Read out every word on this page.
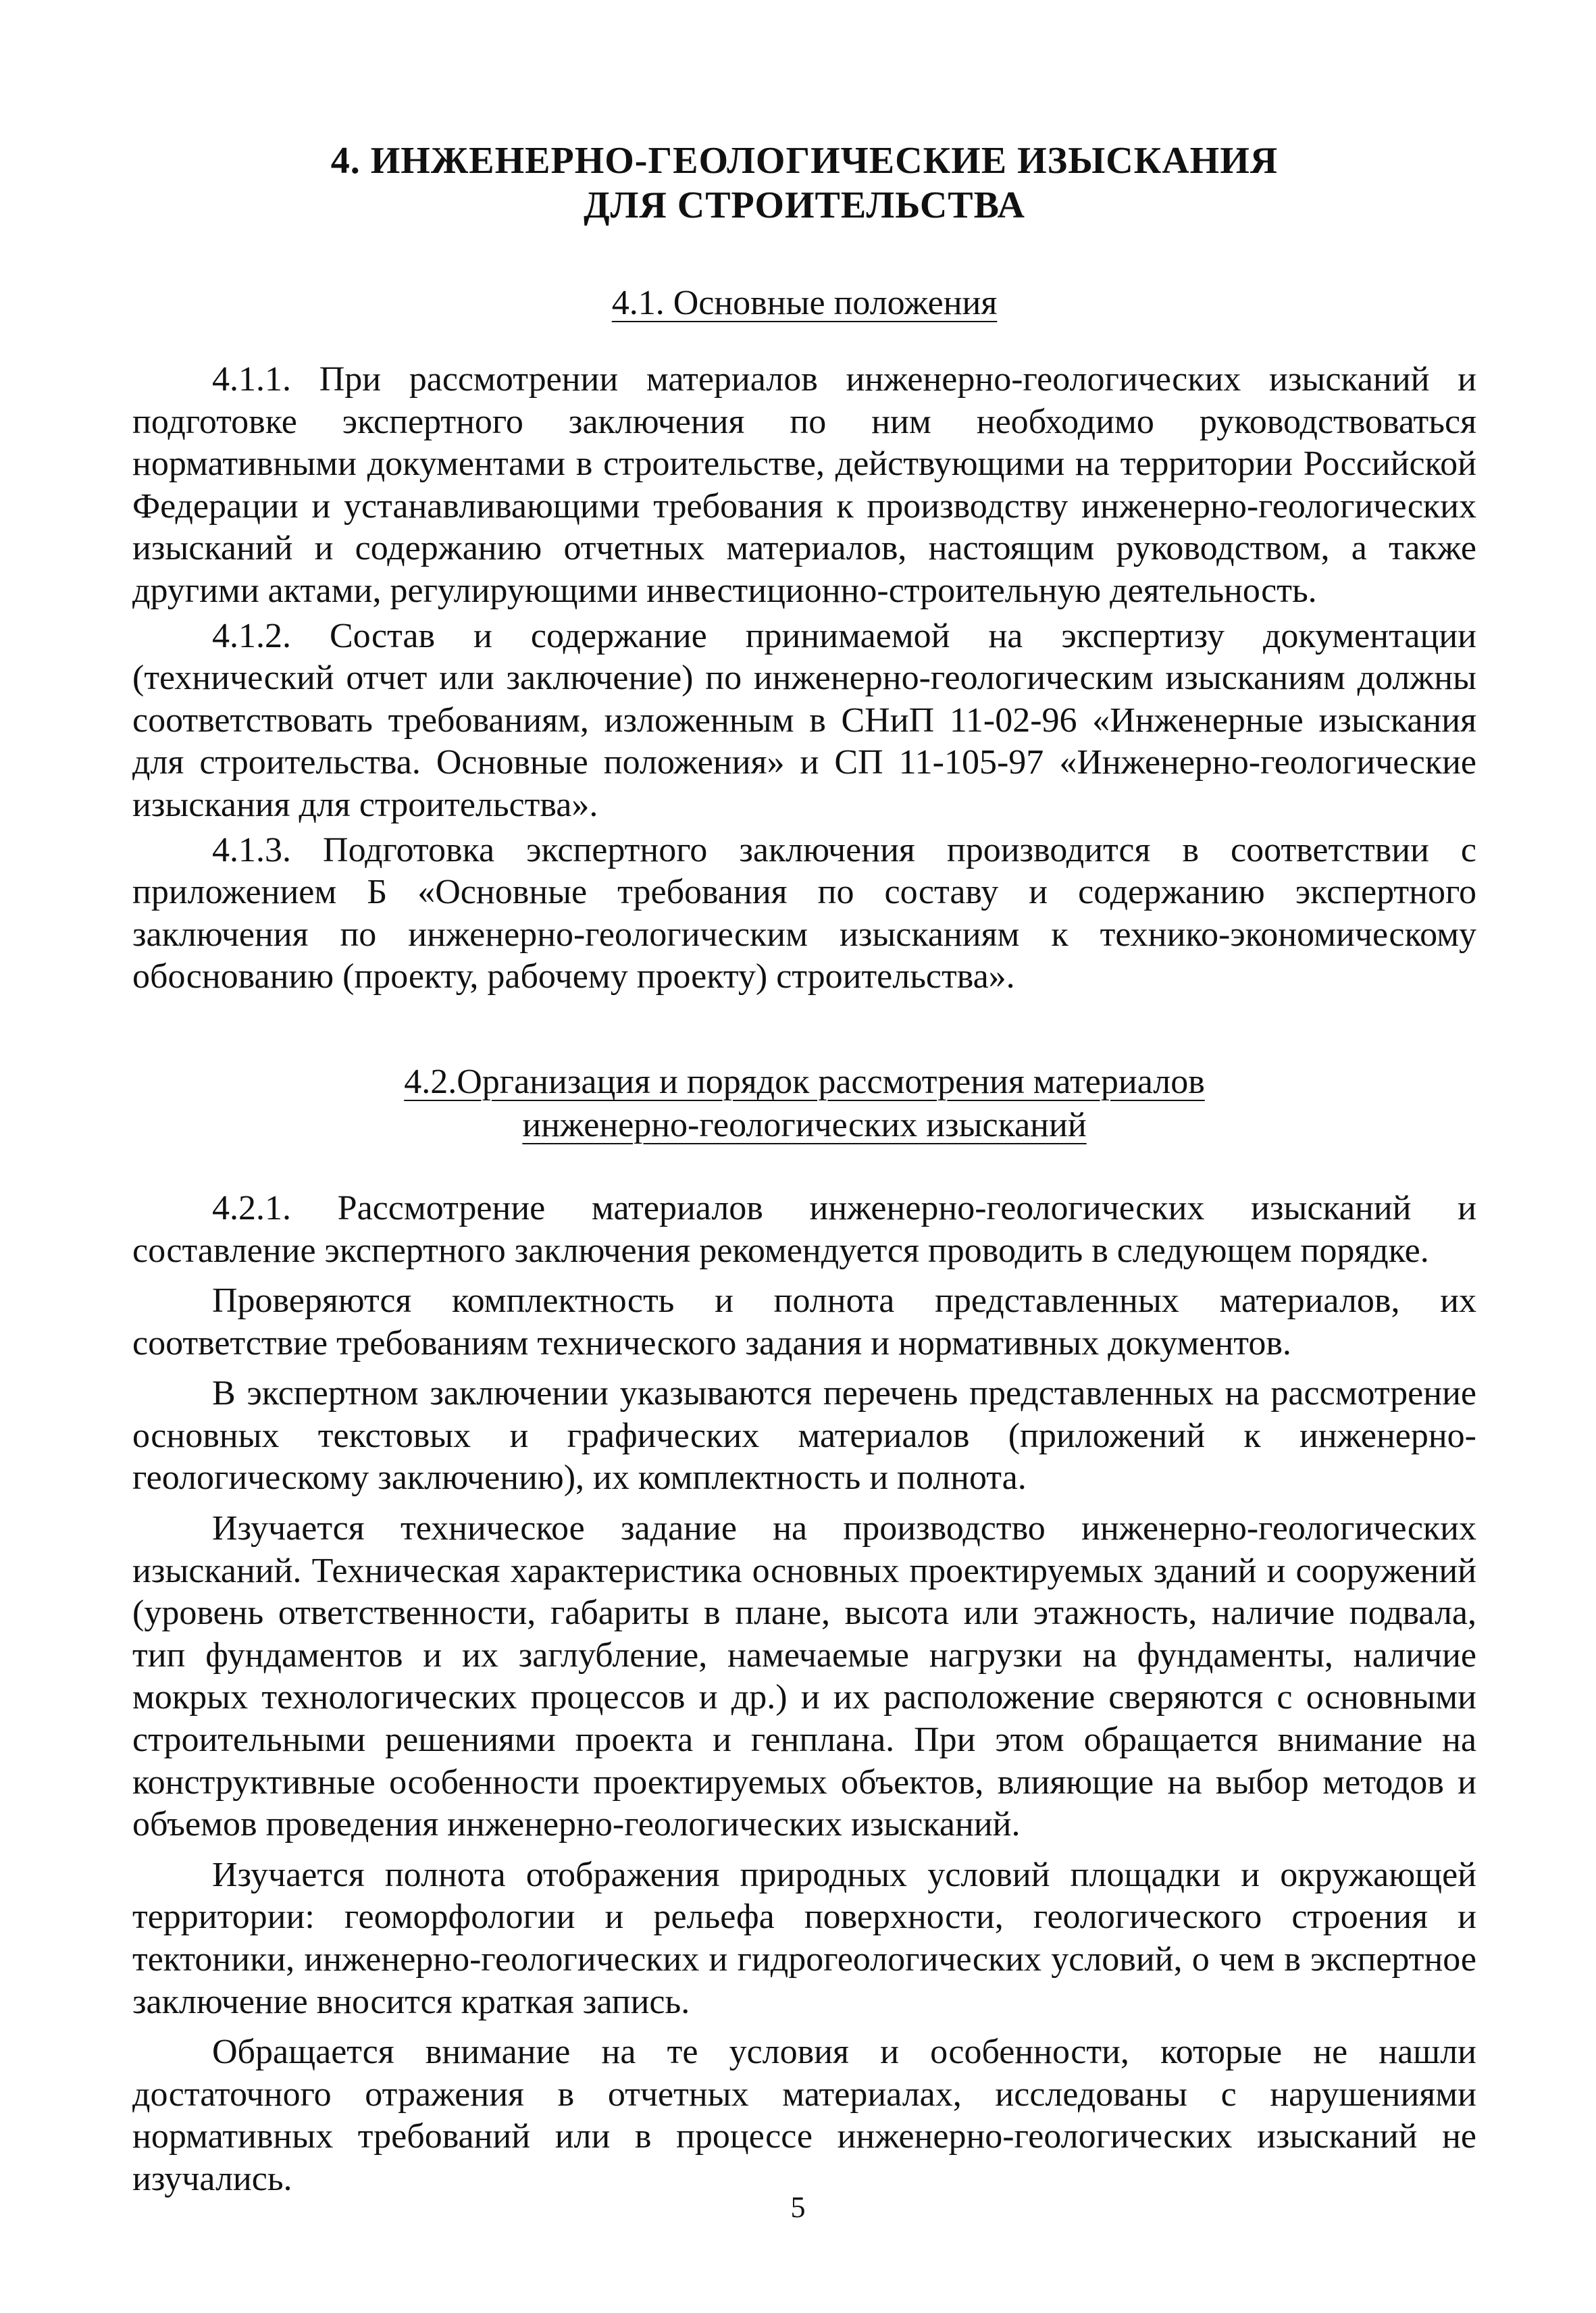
4. ИНЖЕНЕРНО-ГЕОЛОГИЧЕСКИЕ ИЗЫСКАНИЯ
ДЛЯ СТРОИТЕЛЬСТВА
4.1. Основные положения

4.1.1. При рассмотрении материалов инженерно-геологических изысканий и подготовке экспертного заключения по ним необходимо руководствоваться нормативными документами в строительстве, действующими на территории Российской Федерации и устанавливающими требования к производству инженерно-геологических изысканий и содержанию отчетных материалов, настоящим руководством, а также другими актами, регулирующими инвестиционно-строительную деятельность.

4.1.2. Состав и содержание принимаемой на экспертизу документации (технический отчет или заключение) по инженерно-геологическим изысканиям должны соответствовать требованиям, изложенным в СНиП 11-02-96 «Инженерные изыскания для строительства. Основные положения» и СП 11-105-97 «Инженерно-геологические изыскания для строительства».

4.1.3. Подготовка экспертного заключения производится в соответствии с приложением Б «Основные требования по составу и содержанию экспертного заключения по инженерно-геологическим изысканиям к технико-экономическому обоснованию (проекту, рабочему проекту) строительства».

4.2.Организация и порядок рассмотрения материалов
инженерно-геологических изысканий

4.2.1. Рассмотрение материалов инженерно-геологических изысканий и составление экспертного заключения рекомендуется проводить в следующем порядке.

Проверяются комплектность и полнота представленных материалов, их соответствие требованиям технического задания и нормативных документов.

В экспертном заключении указываются перечень представленных на рассмотрение основных текстовых и графических материалов (приложений к инженерно-геологическому заключению), их комплектность и полнота.

Изучается техническое задание на производство инженерно-геологических изысканий. Техническая характеристика основных проектируемых зданий и сооружений (уровень ответственности, габариты в плане, высота или этажность, наличие подвала, тип фундаментов и их заглубление, намечаемые нагрузки на фундаменты, наличие мокрых технологических процессов и др.) и их расположение сверяются с основными строительными решениями проекта и генплана. При этом обращается внимание на конструктивные особенности проектируемых объектов, влияющие на выбор методов и объемов проведения инженерно-геологических изысканий.

Изучается полнота отображения природных условий площадки и окружающей территории: геоморфологии и рельефа поверхности, геологического строения и тектоники, инженерно-геологических и гидрогеологических условий, о чем в экспертное заключение вносится краткая запись.

Обращается внимание на те условия и особенности, которые не нашли достаточного отражения в отчетных материалах, исследованы с нарушениями нормативных требований или в процессе инженерно-геологических изысканий не изучались.

5
